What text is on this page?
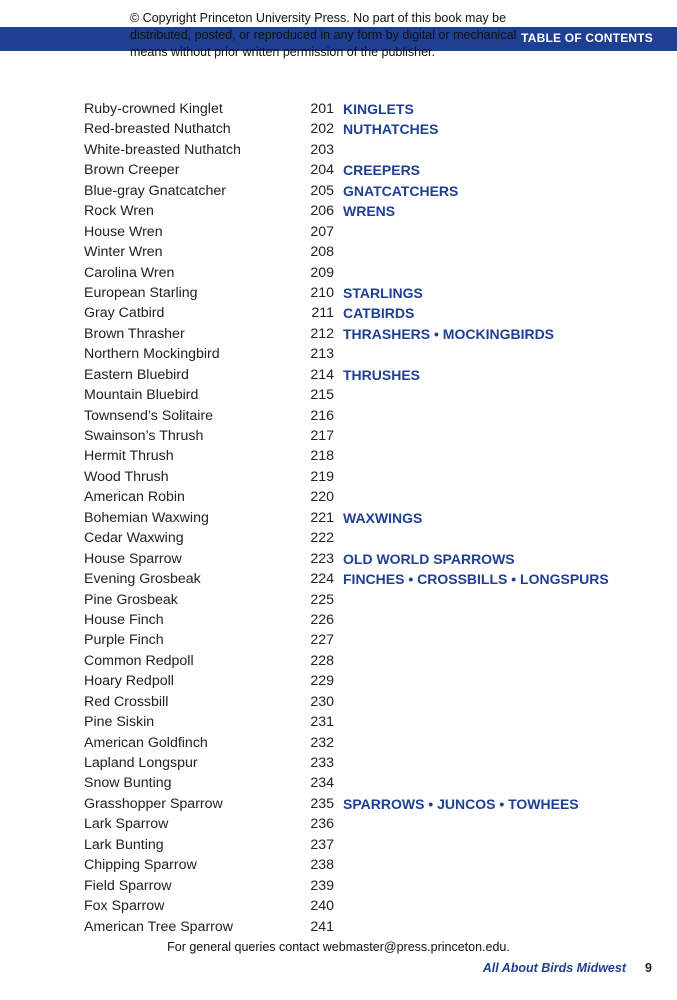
TABLE OF CONTENTS
© Copyright Princeton University Press. No part of this book may be distributed, posted, or reproduced in any form by digital or mechanical means without prior written permission of the publisher.
Ruby-crowned Kinglet	201 KINGLETS
Red-breasted Nuthatch	202 NUTHATCHES
White-breasted Nuthatch	203
Brown Creeper	204 CREEPERS
Blue-gray Gnatcatcher	205 GNATCATCHERS
Rock Wren	206 WRENS
House Wren	207
Winter Wren	208
Carolina Wren	209
European Starling	210 STARLINGS
Gray Catbird	211 CATBIRDS
Brown Thrasher	212 THRASHERS • MOCKINGBIRDS
Northern Mockingbird	213
Eastern Bluebird	214 THRUSHES
Mountain Bluebird	215
Townsend’s Solitaire	216
Swainson’s Thrush	217
Hermit Thrush	218
Wood Thrush	219
American Robin	220
Bohemian Waxwing	221 WAXWINGS
Cedar Waxwing	222
House Sparrow	223 OLD WORLD SPARROWS
Evening Grosbeak	224 FINCHES • CROSSBILLS • LONGSPURS
Pine Grosbeak	225
House Finch	226
Purple Finch	227
Common Redpoll	228
Hoary Redpoll	229
Red Crossbill	230
Pine Siskin	231
American Goldfinch	232
Lapland Longspur	233
Snow Bunting	234
Grasshopper Sparrow	235 SPARROWS • JUNCOS • TOWHEES
Lark Sparrow	236
Lark Bunting	237
Chipping Sparrow	238
Field Sparrow	239
Fox Sparrow	240
American Tree Sparrow	241
For general queries contact webmaster@press.princeton.edu.
All About Birds Midwest 9
